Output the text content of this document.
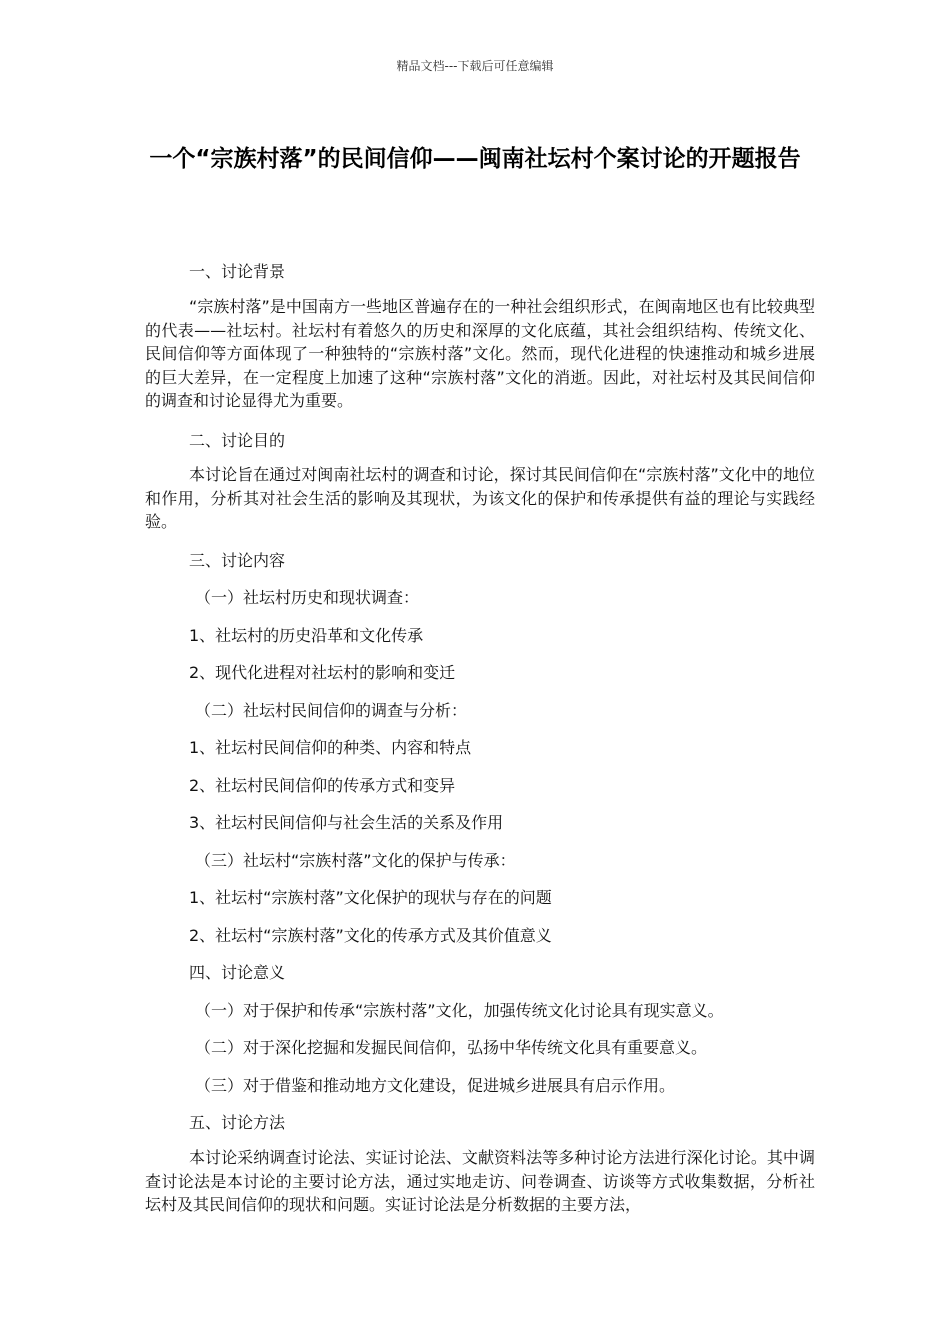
精品文档---下载后可任意编辑
一个“宗族村落”的民间信仰——闽南社坛村个案讨论的开题报告
一、讨论背景
“宗族村落”是中国南方一些地区普遍存在的一种社会组织形式，在闽南地区也有比较典型的代表——社坛村。社坛村有着悠久的历史和深厚的文化底蕴，其社会组织结构、传统文化、民间信仰等方面体现了一种独特的“宗族村落”文化。然而，现代化进程的快速推动和城乡进展的巨大差异，在一定程度上加速了这种“宗族村落”文化的消逝。因此，对社坛村及其民间信仰的调查和讨论显得尤为重要。
二、讨论目的
本讨论旨在通过对闽南社坛村的调查和讨论，探讨其民间信仰在“宗族村落”文化中的地位和作用，分析其对社会生活的影响及其现状，为该文化的保护和传承提供有益的理论与实践经验。
三、讨论内容
（一）社坛村历史和现状调查：
1、社坛村的历史沿革和文化传承
2、现代化进程对社坛村的影响和变迁
（二）社坛村民间信仰的调查与分析：
1、社坛村民间信仰的种类、内容和特点
2、社坛村民间信仰的传承方式和变异
3、社坛村民间信仰与社会生活的关系及作用
（三）社坛村“宗族村落”文化的保护与传承：
1、社坛村“宗族村落”文化保护的现状与存在的问题
2、社坛村“宗族村落”文化的传承方式及其价值意义
四、讨论意义
（一）对于保护和传承“宗族村落”文化，加强传统文化讨论具有现实意义。
（二）对于深化挖掘和发掘民间信仰，弘扬中华传统文化具有重要意义。
（三）对于借鉴和推动地方文化建设，促进城乡进展具有启示作用。
五、讨论方法
本讨论采纳调查讨论法、实证讨论法、文献资料法等多种讨论方法进行深化讨论。其中调查讨论法是本讨论的主要讨论方法，通过实地走访、问卷调查、访谈等方式收集数据，分析社坛村及其民间信仰的现状和问题。实证讨论法是分析数据的主要方法，
